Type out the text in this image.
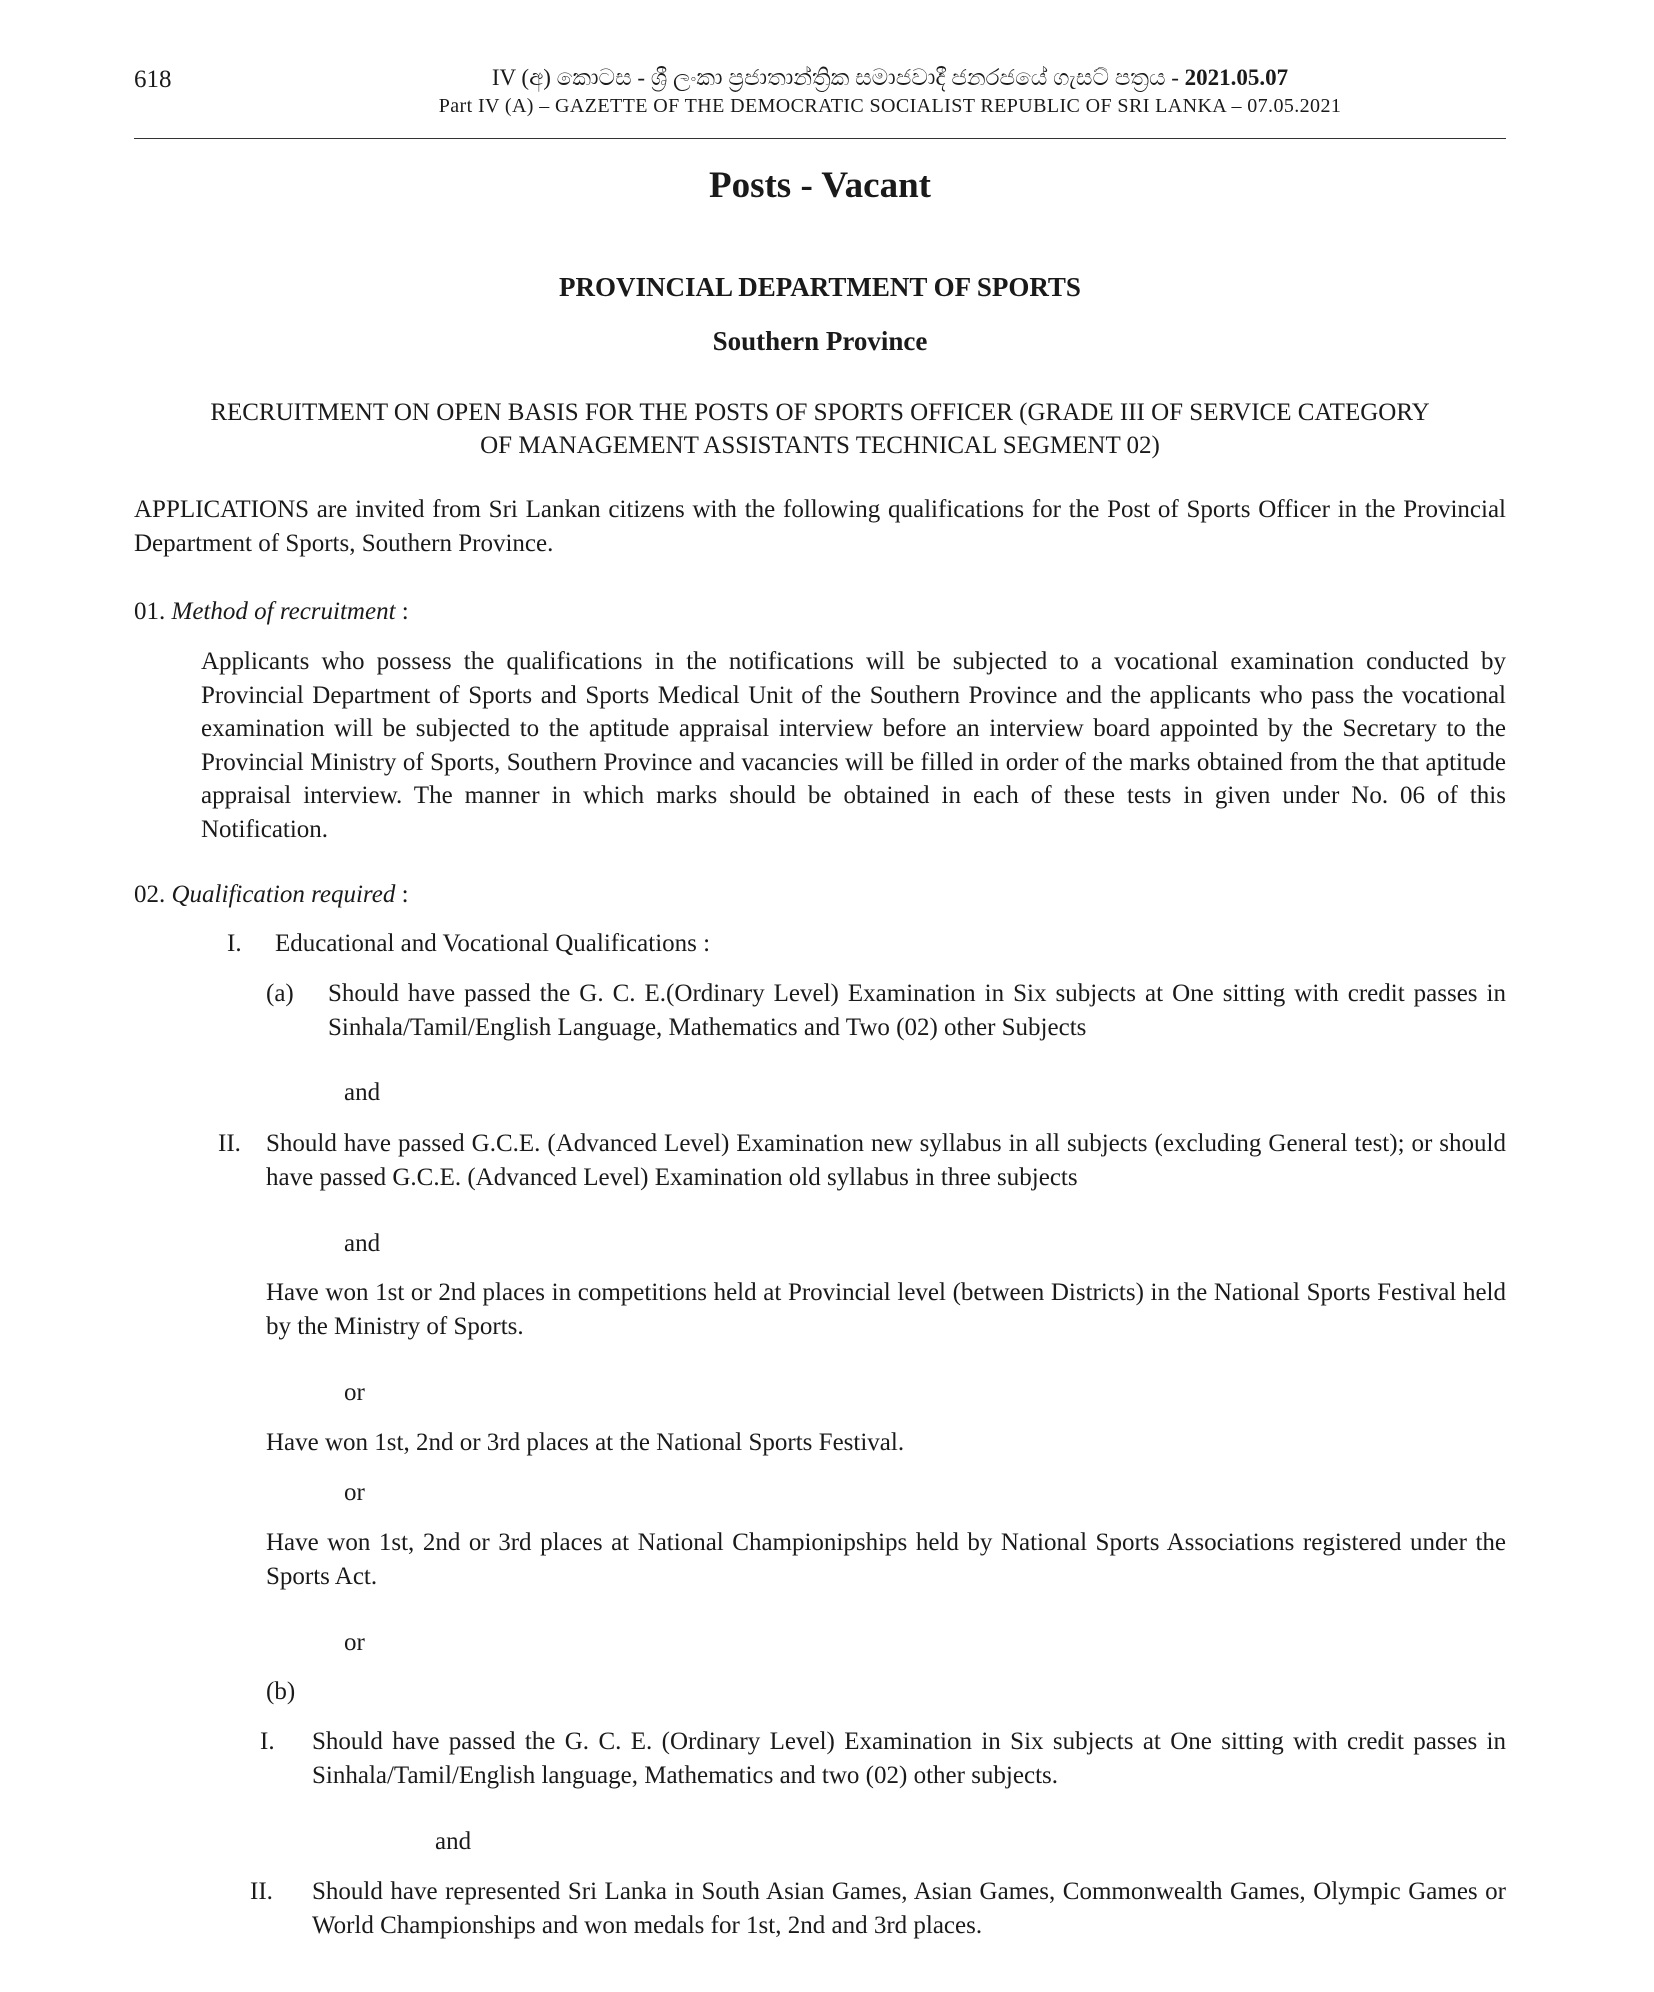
618	IV (අ) කොටස - ශ්‍රී ලංකා ප්‍රජාතාන්ත්‍රික සමාජවාදී ජනරජයේ ගැසට් පත්‍රය - 2021.05.07
Part IV (A) – GAZETTE OF THE DEMOCRATIC SOCIALIST REPUBLIC OF SRI LANKA – 07.05.2021
Posts - Vacant
PROVINCIAL DEPARTMENT OF SPORTS
Southern Province
RECRUITMENT ON OPEN BASIS FOR THE POSTS OF SPORTS OFFICER (GRADE III OF SERVICE CATEGORY
OF MANAGEMENT ASSISTANTS TECHNICAL SEGMENT 02)
APPLICATIONS are invited from Sri Lankan citizens with the following qualifications for the Post of Sports Officer in the Provincial Department of Sports, Southern Province.
01. Method of recruitment :
Applicants who possess the qualifications in the notifications will be subjected to a vocational examination conducted by Provincial Department of Sports and Sports Medical Unit of the Southern Province and the applicants who pass the vocational examination will be subjected to the aptitude appraisal interview before an interview board appointed by the Secretary to the Provincial Ministry of Sports, Southern Province and vacancies will be filled in order of the marks obtained from the that aptitude appraisal interview. The manner in which marks should be obtained in each of these tests in given under No. 06 of this Notification.
02. Qualification required :
I. Educational and Vocational Qualifications :
(a) Should have passed the G. C. E.(Ordinary Level) Examination in Six subjects at One sitting with credit passes in Sinhala/Tamil/English Language, Mathematics and Two (02) other Subjects
and
II. Should have passed G.C.E. (Advanced Level) Examination new syllabus in all subjects (excluding General test); or should have passed G.C.E. (Advanced Level) Examination old syllabus in three subjects
and
Have won 1st or 2nd places in competitions held at Provincial level (between Districts) in the National Sports Festival held by the Ministry of Sports.
or
Have won 1st, 2nd or 3rd places at the National Sports Festival.
or
Have won 1st, 2nd or 3rd places at National Championipships held by National Sports Associations registered under the Sports Act.
or
(b)
I. Should have passed the G. C. E. (Ordinary Level) Examination in Six subjects at One sitting with credit passes in Sinhala/Tamil/English language, Mathematics and two (02) other subjects.
and
II. Should have represented Sri Lanka in South Asian Games, Asian Games, Commonwealth Games, Olympic Games or World Championships and won medals for 1st, 2nd and 3rd places.
